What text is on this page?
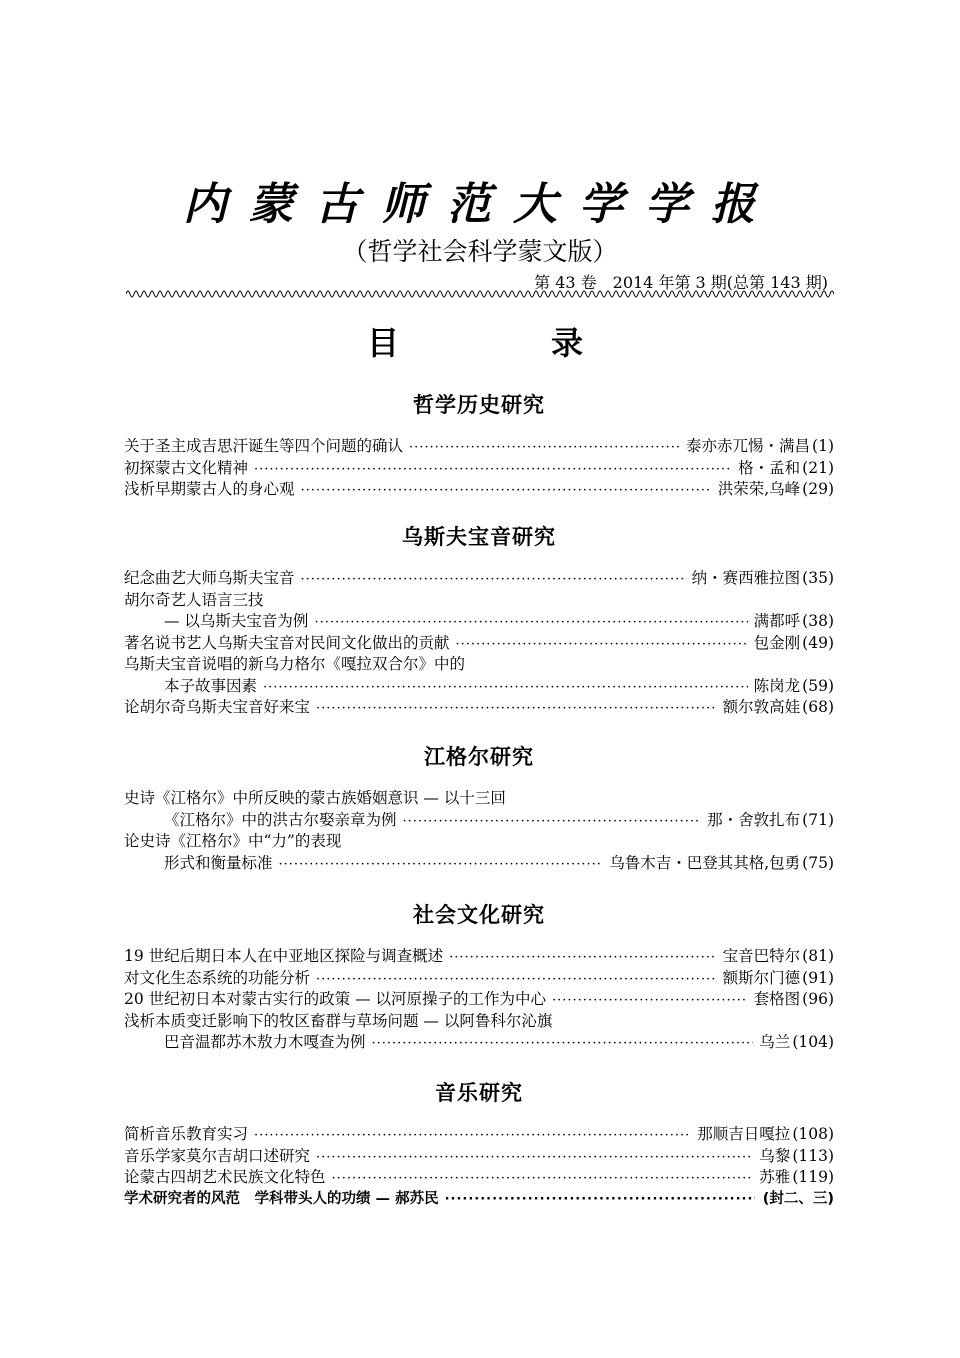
内蒙古师范大学学报
（哲学社会科学蒙文版）
第 43 卷　2014 年第 3 期(总第 143 期)
目　录
哲学历史研究
关于圣主成吉思汗诞生等四个问题的确认 ·····	泰亦赤兀惕・满昌 (1)
初探蒙古文化精神 ·····	格・孟和 (21)
浅析早期蒙古人的身心观 ·····	洪荣荣,乌峰 (29)
乌斯夫宝音研究
纪念曲艺大师乌斯夫宝音 ·····	纳・赛西雅拉图 (35)
胡尔奇艺人语言三技
— 以乌斯夫宝音为例 ·····	满都呼 (38)
著名说书艺人乌斯夫宝音对民间文化做出的贡献 ·····	包金刚 (49)
乌斯夫宝音说唱的新乌力格尔《嘎拉双合尔》中的
本子故事因素 ·····	陈岗龙 (59)
论胡尔奇乌斯夫宝音好来宝 ·····	额尔敦高娃 (68)
江格尔研究
史诗《江格尔》中所反映的蒙古族婚姻意识 — 以十三回
《江格尔》中的洪古尔娶亲章为例 ·····	那・舍敦扎布 (71)
论史诗《江格尔》中“力”的表现
形式和衡量标准 ·····	乌鲁木吉・巴登其其格,包勇 (75)
社会文化研究
19 世纪后期日本人在中亚地区探险与调查概述 ·····	宝音巴特尔 (81)
对文化生态系统的功能分析 ·····	额斯尔门德 (91)
20 世纪初日本对蒙古实行的政策 — 以河原操子的工作为中心 ·····	套格图 (96)
浅析本质变迁影响下的牧区畜群与草场问题 — 以阿鲁科尔沁旗
巴音温都苏木敖力木嘎查为例 ·····	乌兰 (104)
音乐研究
简析音乐教育实习 ·····	那顺吉日嘎拉 (108)
音乐学家莫尔吉胡口述研究 ·····	乌黎 (113)
论蒙古四胡艺术民族文化特色 ·····	苏雅 (119)
学术研究者的风范　学科带头人的功绩 — 郝苏民 ·····	(封二、三)
